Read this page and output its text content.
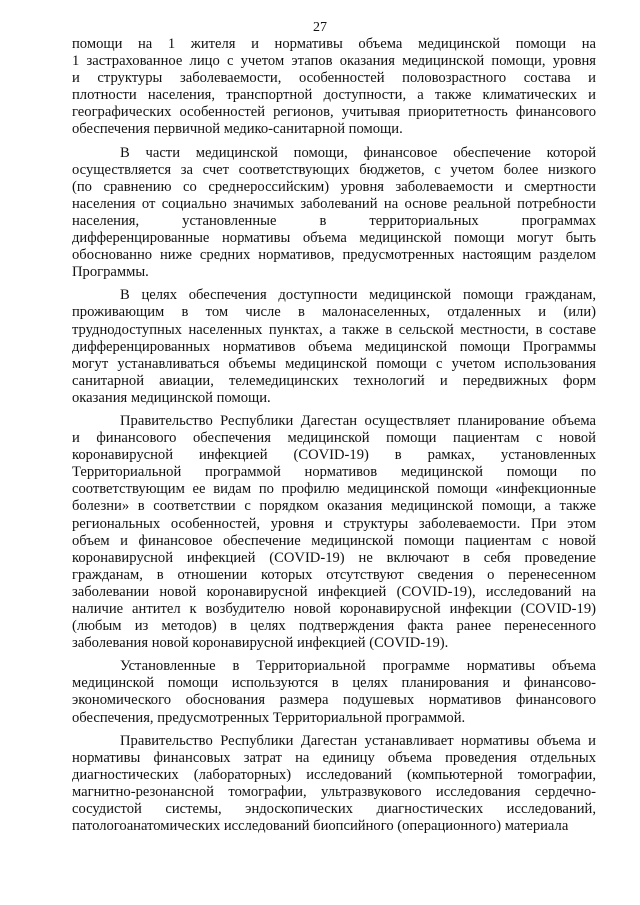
27
помощи на 1 жителя и нормативы объема медицинской помощи на
1 застрахованное лицо с учетом этапов оказания медицинской помощи, уровня
и структуры заболеваемости, особенностей половозрастного состава и
плотности населения, транспортной доступности, а также климатических и
географических особенностей регионов, учитывая приоритетность финансового
обеспечения первичной медико-санитарной помощи.
В части медицинской помощи, финансовое обеспечение которой
осуществляется за счет соответствующих бюджетов, с учетом более низкого
(по сравнению со среднероссийским) уровня заболеваемости и смертности
населения от социально значимых заболеваний на основе реальной потребности
населения, установленные в территориальных программах
дифференцированные нормативы объема медицинской помощи могут быть
обоснованно ниже средних нормативов, предусмотренных настоящим разделом
Программы.
В целях обеспечения доступности медицинской помощи гражданам,
проживающим в том числе в малонаселенных, отдаленных и (или)
труднодоступных населенных пунктах, а также в сельской местности, в составе
дифференцированных нормативов объема медицинской помощи Программы
могут устанавливаться объемы медицинской помощи с учетом использования
санитарной авиации, телемедицинских технологий и передвижных форм
оказания медицинской помощи.
Правительство Республики Дагестан осуществляет планирование объема
и финансового обеспечения медицинской помощи пациентам с новой
коронавирусной инфекцией (COVID-19) в рамках, установленных
Территориальной программой нормативов медицинской помощи по
соответствующим ее видам по профилю медицинской помощи «инфекционные
болезни» в соответствии с порядком оказания медицинской помощи, а также
региональных особенностей, уровня и структуры заболеваемости. При этом
объем и финансовое обеспечение медицинской помощи пациентам с новой
коронавирусной инфекцией (COVID-19) не включают в себя проведение
гражданам, в отношении которых отсутствуют сведения о перенесенном
заболевании новой коронавирусной инфекцией (COVID-19), исследований на
наличие антител к возбудителю новой коронавирусной инфекции (COVID-19)
(любым из методов) в целях подтверждения факта ранее перенесенного
заболевания новой коронавирусной инфекцией (COVID-19).
Установленные в Территориальной программе нормативы объема
медицинской помощи используются в целях планирования и финансово-
экономического обоснования размера подушевых нормативов финансового
обеспечения, предусмотренных Территориальной программой.
Правительство Республики Дагестан устанавливает нормативы объема и
нормативы финансовых затрат на единицу объема проведения отдельных
диагностических (лабораторных) исследований (компьютерной томографии,
магнитно-резонансной томографии, ультразвукового исследования сердечно-
сосудистой системы, эндоскопических диагностических исследований,
патологоанатомических исследований биопсийного (операционного) материала
